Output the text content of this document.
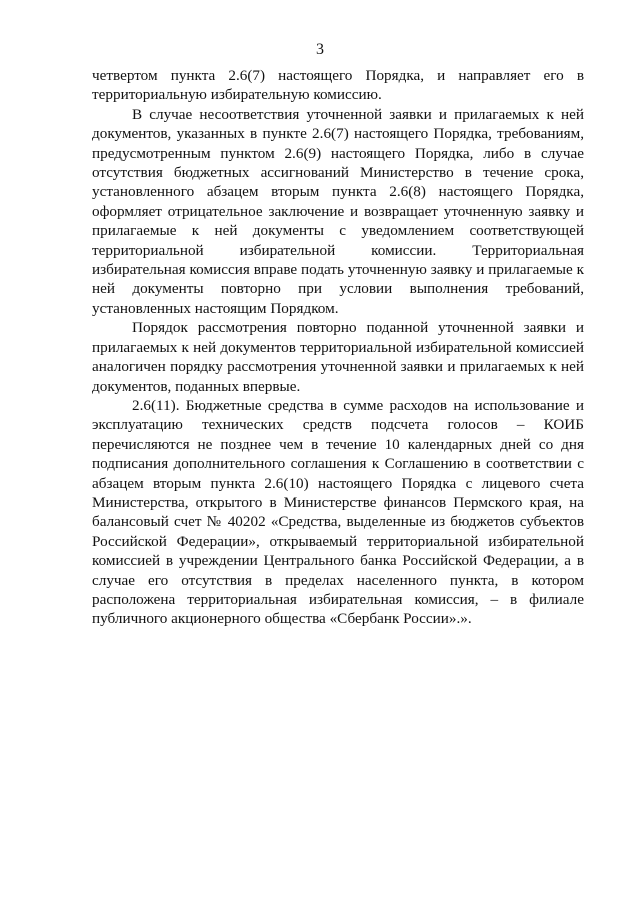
3

четвертом пункта 2.6(7) настоящего Порядка, и направляет его в территориальную избирательную комиссию.

В случае несоответствия уточненной заявки и прилагаемых к ней документов, указанных в пункте 2.6(7) настоящего Порядка, требованиям, предусмотренным пунктом 2.6(9) настоящего Порядка, либо в случае отсутствия бюджетных ассигнований Министерство в течение срока, установленного абзацем вторым пункта 2.6(8) настоящего Порядка, оформляет отрицательное заключение и возвращает уточненную заявку и прилагаемые к ней документы с уведомлением соответствующей территориальной избирательной комиссии. Территориальная избирательная комиссия вправе подать уточненную заявку и прилагаемые к ней документы повторно при условии выполнения требований, установленных настоящим Порядком.

Порядок рассмотрения повторно поданной уточненной заявки и прилагаемых к ней документов территориальной избирательной комиссией аналогичен порядку рассмотрения уточненной заявки и прилагаемых к ней документов, поданных впервые.

2.6(11). Бюджетные средства в сумме расходов на использование и эксплуатацию технических средств подсчета голосов – КОИБ перечисляются не позднее чем в течение 10 календарных дней со дня подписания дополнительного соглашения к Соглашению в соответствии с абзацем вторым пункта 2.6(10) настоящего Порядка с лицевого счета Министерства, открытого в Министерстве финансов Пермского края, на балансовый счет № 40202 «Средства, выделенные из бюджетов субъектов Российской Федерации», открываемый территориальной избирательной комиссией в учреждении Центрального банка Российской Федерации, а в случае его отсутствия в пределах населенного пункта, в котором расположена территориальная избирательная комиссия, – в филиале публичного акционерного общества «Сбербанк России».».
